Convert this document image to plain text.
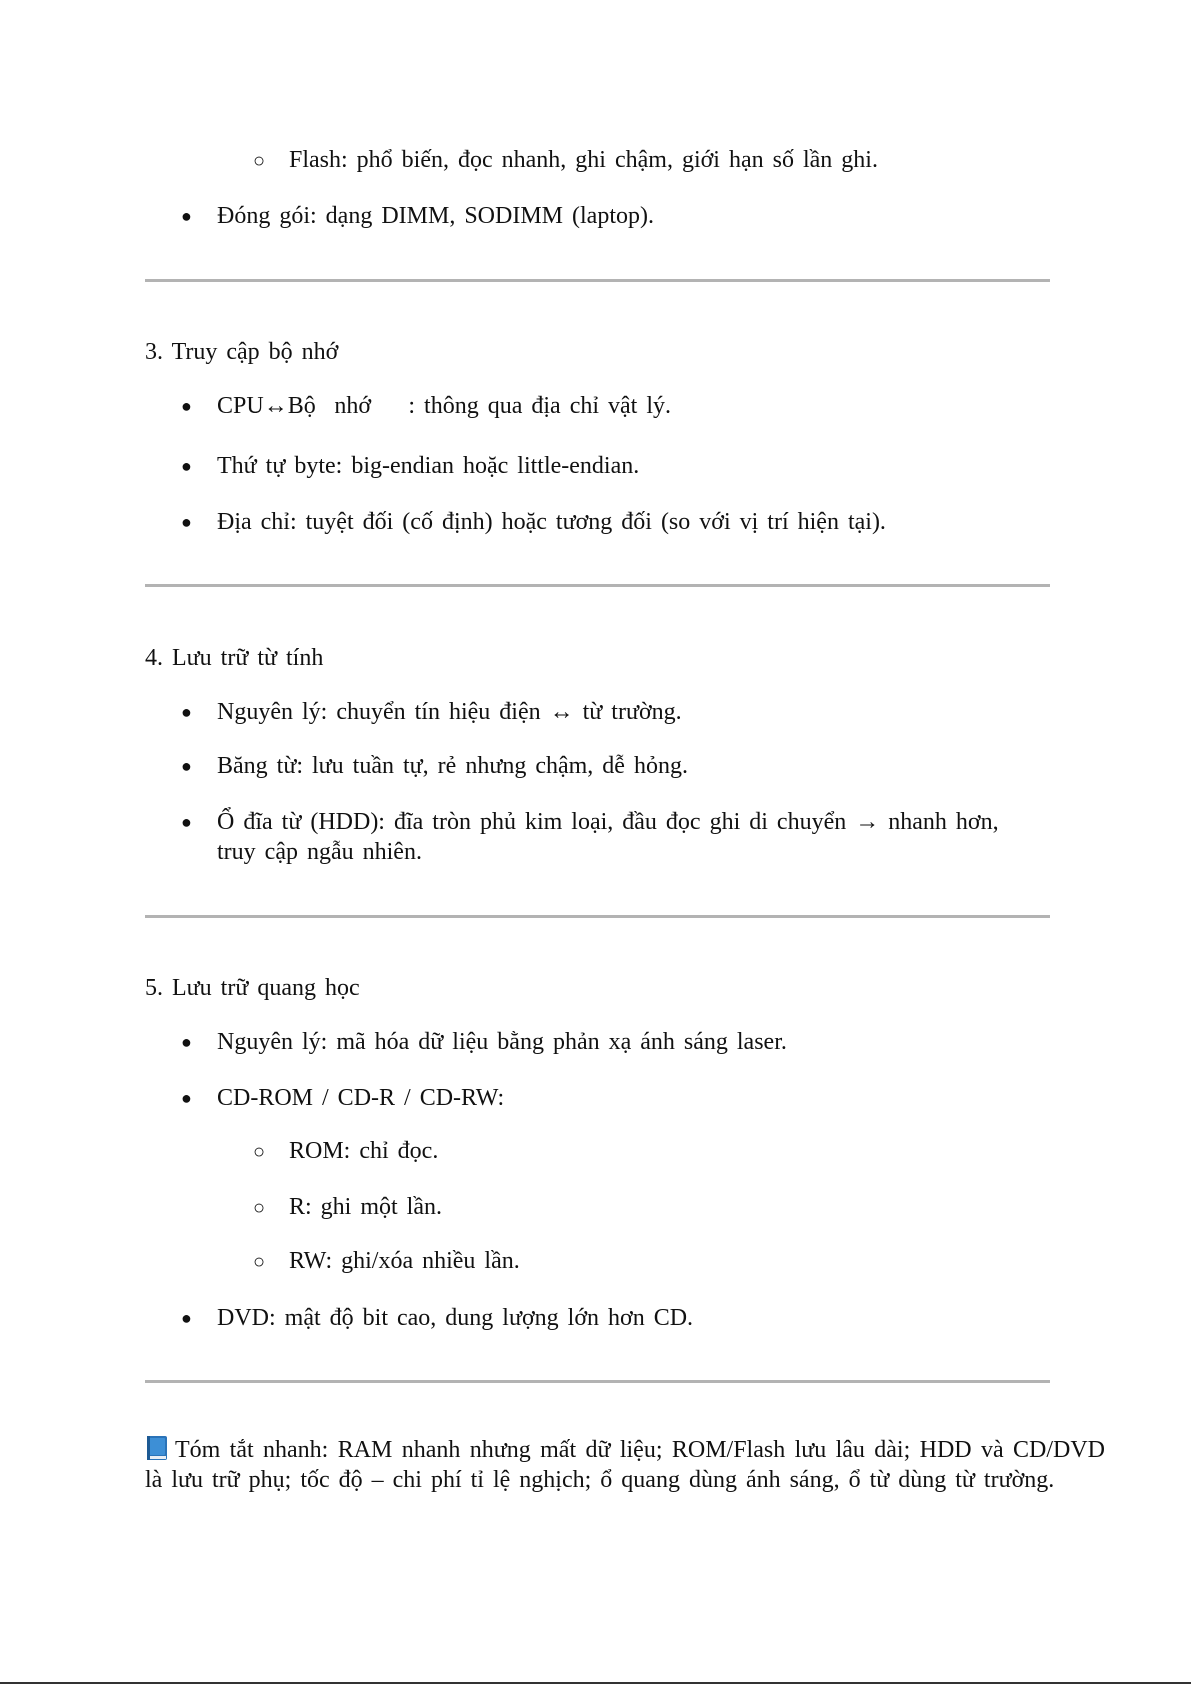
○ Flash: phổ biến, đọc nhanh, ghi chậm, giới hạn số lần ghi.
● Đóng gói: dạng DIMM, SODIMM (laptop).
3. Truy cập bộ nhớ
● CPU↔Bộ nhớ  : thông qua địa chỉ vật lý.
● Thứ tự byte: big-endian hoặc little-endian.
● Địa chỉ: tuyệt đối (cố định) hoặc tương đối (so với vị trí hiện tại).
4. Lưu trữ từ tính
● Nguyên lý: chuyển tín hiệu điện ↔ từ trường.
● Băng từ: lưu tuần tự, rẻ nhưng chậm, dễ hỏng.
● Ổ đĩa từ (HDD): đĩa tròn phủ kim loại, đầu đọc ghi di chuyển → nhanh hơn,
truy cập ngẫu nhiên.
5. Lưu trữ quang học
● Nguyên lý: mã hóa dữ liệu bằng phản xạ ánh sáng laser.
● CD-ROM / CD-R / CD-RW:
○ ROM: chỉ đọc.
○ R: ghi một lần.
○ RW: ghi/xóa nhiều lần.
● DVD: mật độ bit cao, dung lượng lớn hơn CD.
Tóm tắt nhanh: RAM nhanh nhưng mất dữ liệu; ROM/Flash lưu lâu dài; HDD và CD/DVD là lưu trữ phụ; tốc độ – chi phí tỉ lệ nghịch; ổ quang dùng ánh sáng, ổ từ dùng từ trường.
